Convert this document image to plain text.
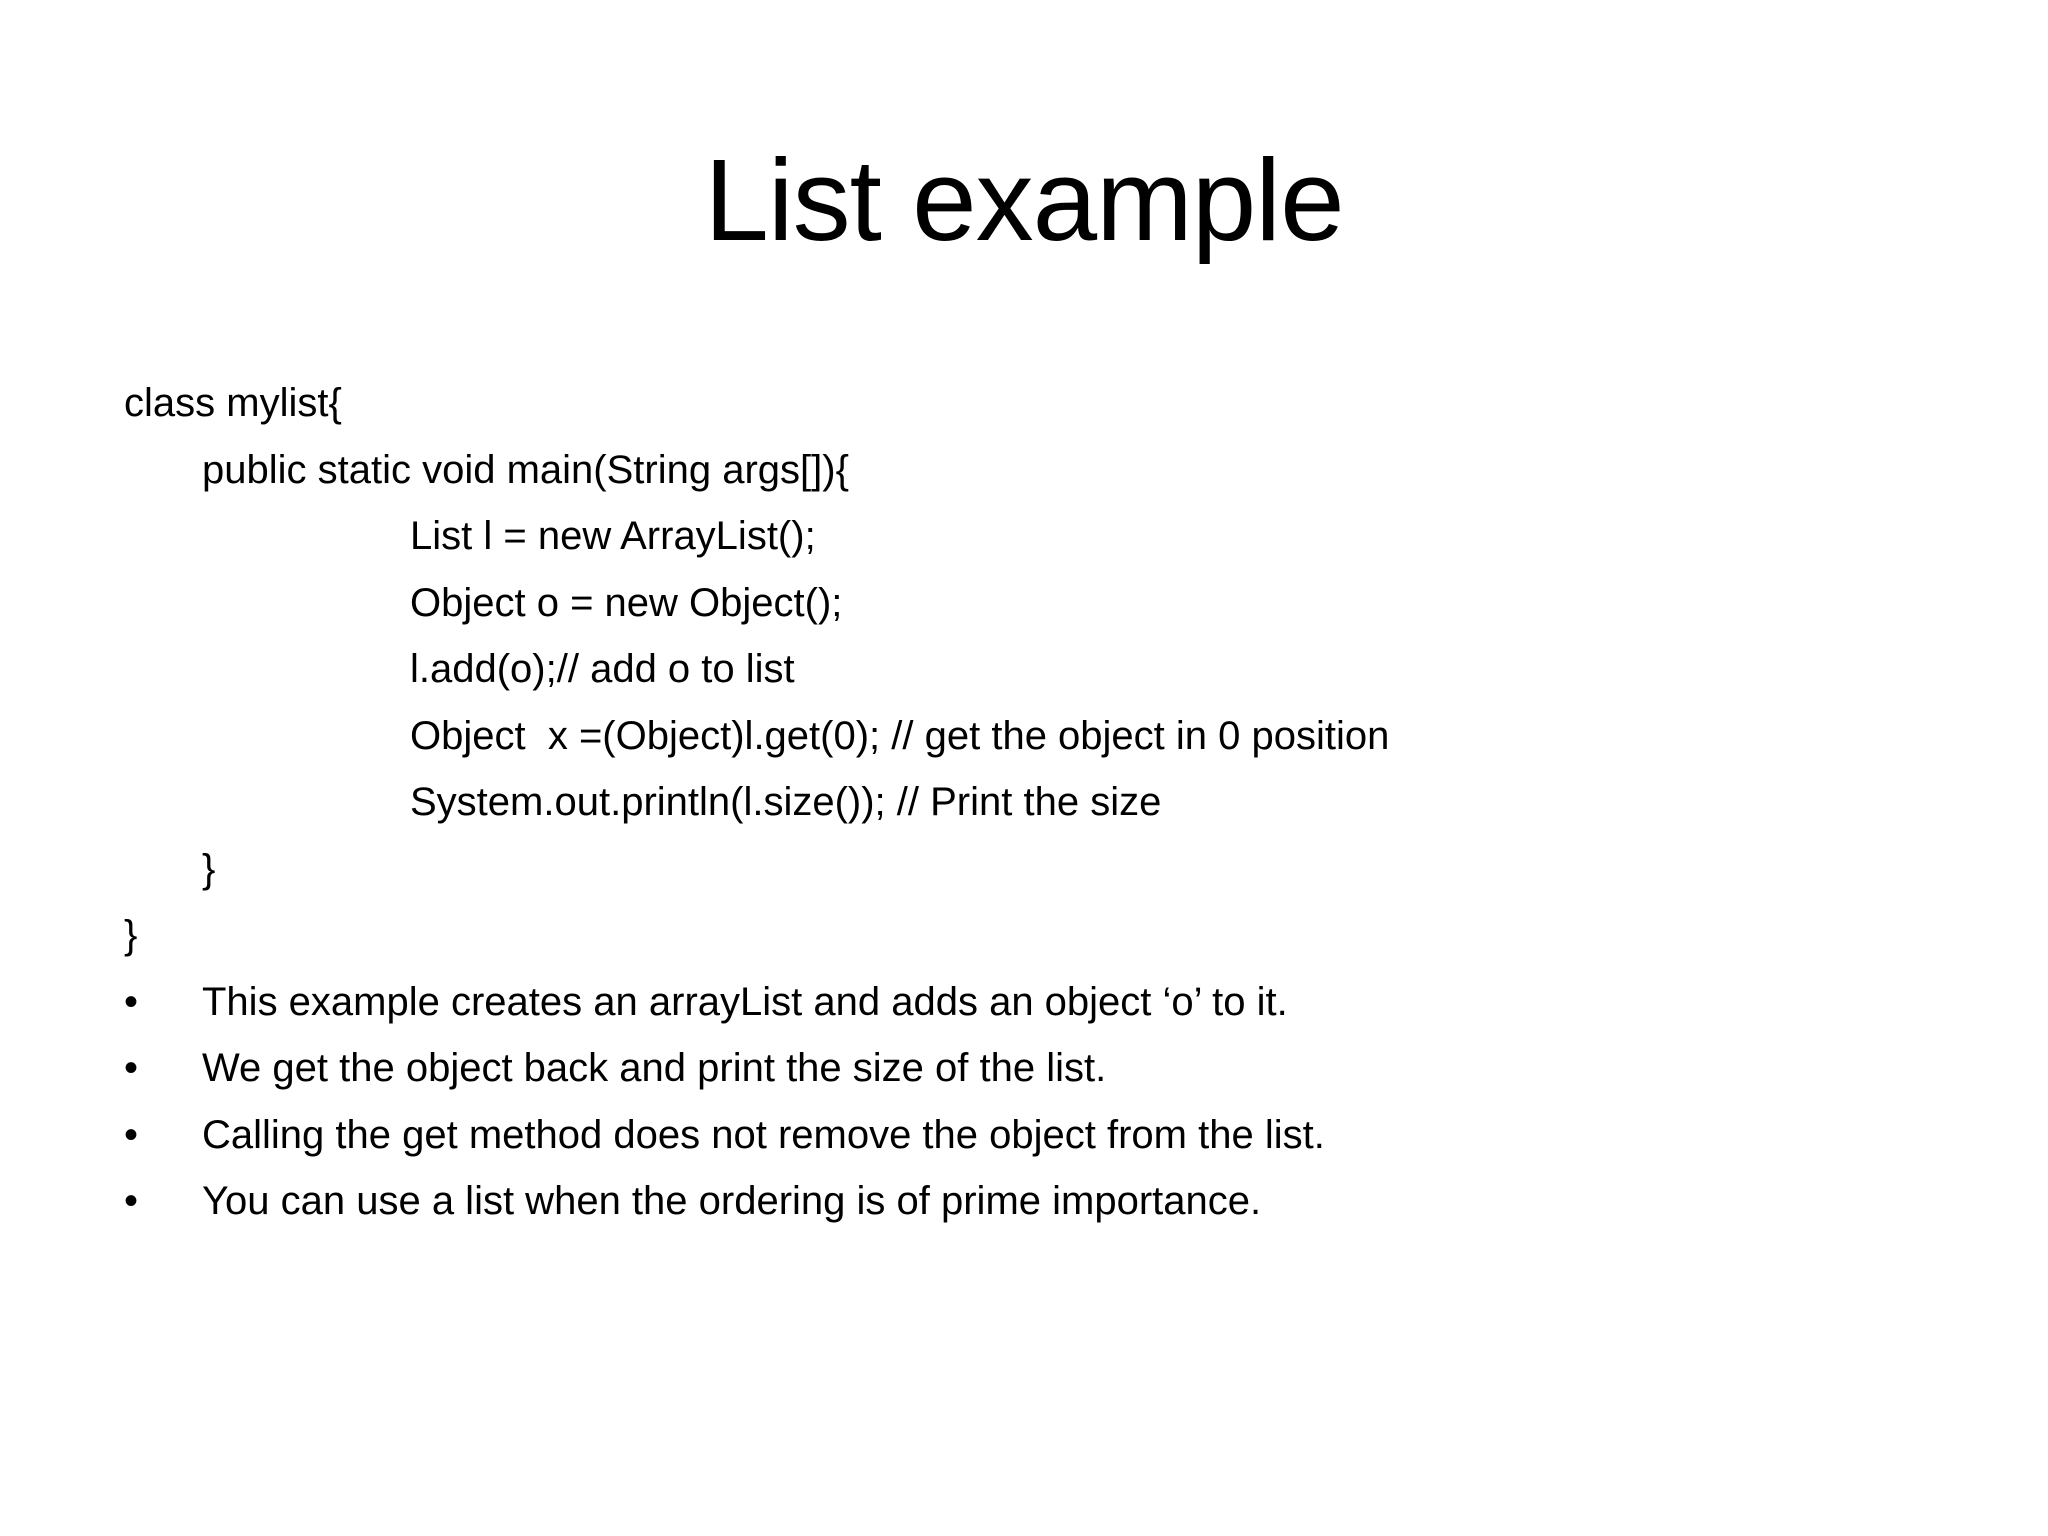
List example
class mylist{
public static void main(String args[]){
List l = new ArrayList();
Object o = new Object();
l.add(o);// add o to list
Object  x =(Object)l.get(0); // get the object in 0 position
System.out.println(l.size()); // Print the size
}
}
•	This example creates an arrayList and adds an object ‘o’ to it.
•	We get the object back and print the size of the list.
•	Calling the get method does not remove the object from the list.
•	You can use a list when the ordering is of prime importance.
